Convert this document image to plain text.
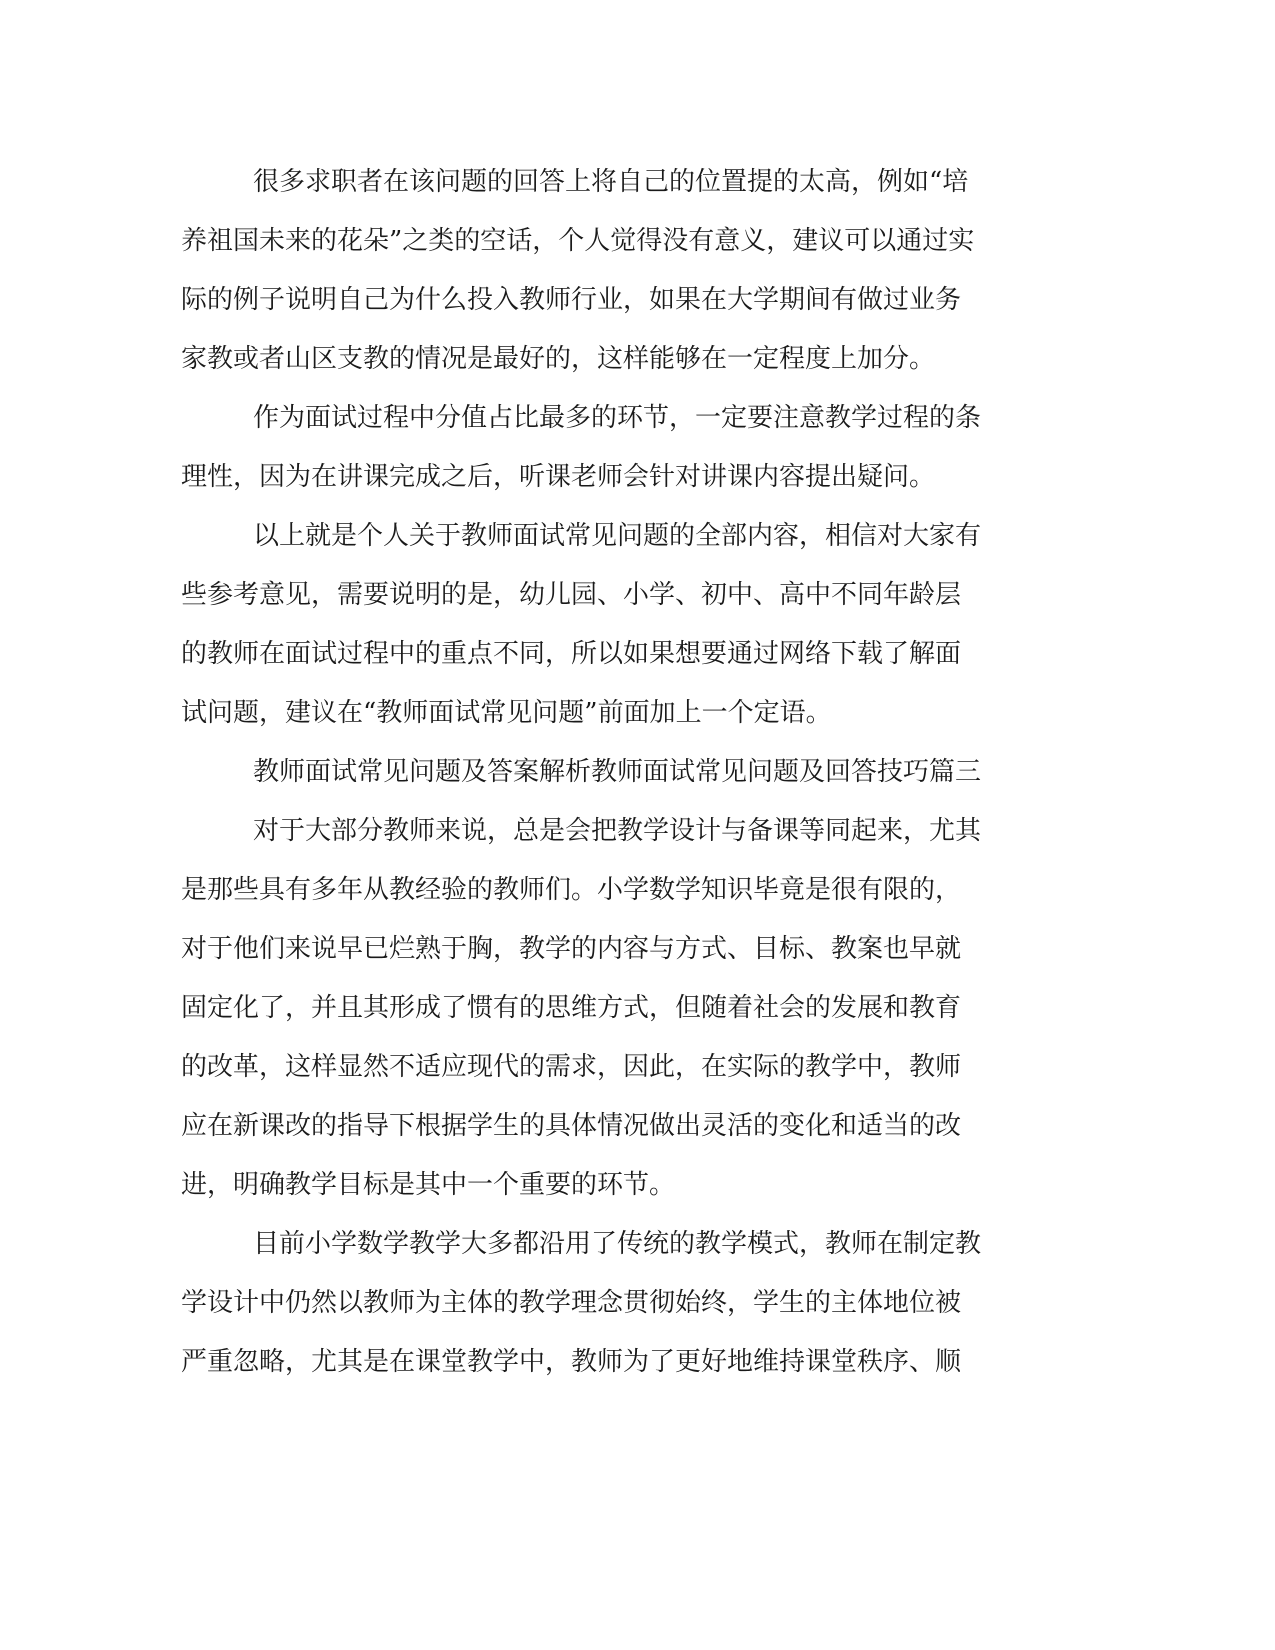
很多求职者在该问题的回答上将自己的位置提的太高，例如“培
养祖国未来的花朵”之类的空话，个人觉得没有意义，建议可以通过实
际的例子说明自己为什么投入教师行业，如果在大学期间有做过业务
家教或者山区支教的情况是最好的，这样能够在一定程度上加分。
作为面试过程中分值占比最多的环节，一定要注意教学过程的条
理性，因为在讲课完成之后，听课老师会针对讲课内容提出疑问。
以上就是个人关于教师面试常见问题的全部内容，相信对大家有
些参考意见，需要说明的是，幼儿园、小学、初中、高中不同年龄层
的教师在面试过程中的重点不同，所以如果想要通过网络下载了解面
试问题，建议在“教师面试常见问题”前面加上一个定语。
教师面试常见问题及答案解析教师面试常见问题及回答技巧篇三
对于大部分教师来说，总是会把教学设计与备课等同起来，尤其
是那些具有多年从教经验的教师们。小学数学知识毕竟是很有限的，
对于他们来说早已烂熟于胸，教学的内容与方式、目标、教案也早就
固定化了，并且其形成了惯有的思维方式，但随着社会的发展和教育
的改革，这样显然不适应现代的需求，因此，在实际的教学中，教师
应在新课改的指导下根据学生的具体情况做出灵活的变化和适当的改
进，明确教学目标是其中一个重要的环节。
目前小学数学教学大多都沿用了传统的教学模式，教师在制定教
学设计中仍然以教师为主体的教学理念贯彻始终，学生的主体地位被
严重忽略，尤其是在课堂教学中，教师为了更好地维持课堂秩序、顺
